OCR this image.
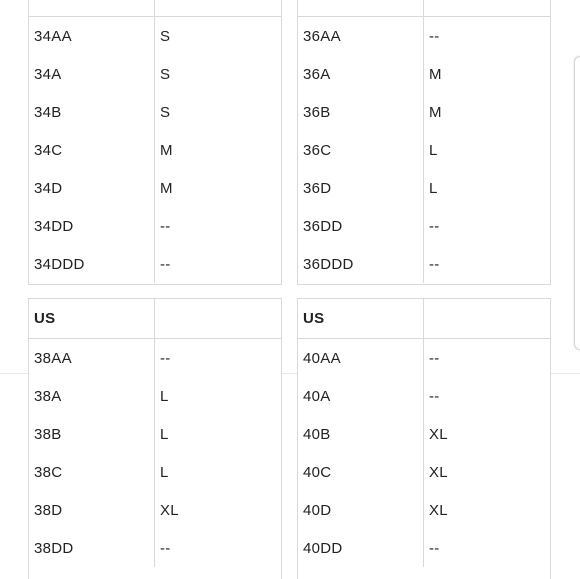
34AA	S
34A	S
34B	S
34C	M
34D	M
34DD	--
34DDD	--
36AA	--
36A	M
36B	M
36C	L
36D	L
36DD	--
36DDD	--
US
38AA	--
38A	L
38B	L
38C	L
38D	XL
38DD	--
US
40AA	--
40A	--
40B	XL
40C	XL
40D	XL
40DD	--
